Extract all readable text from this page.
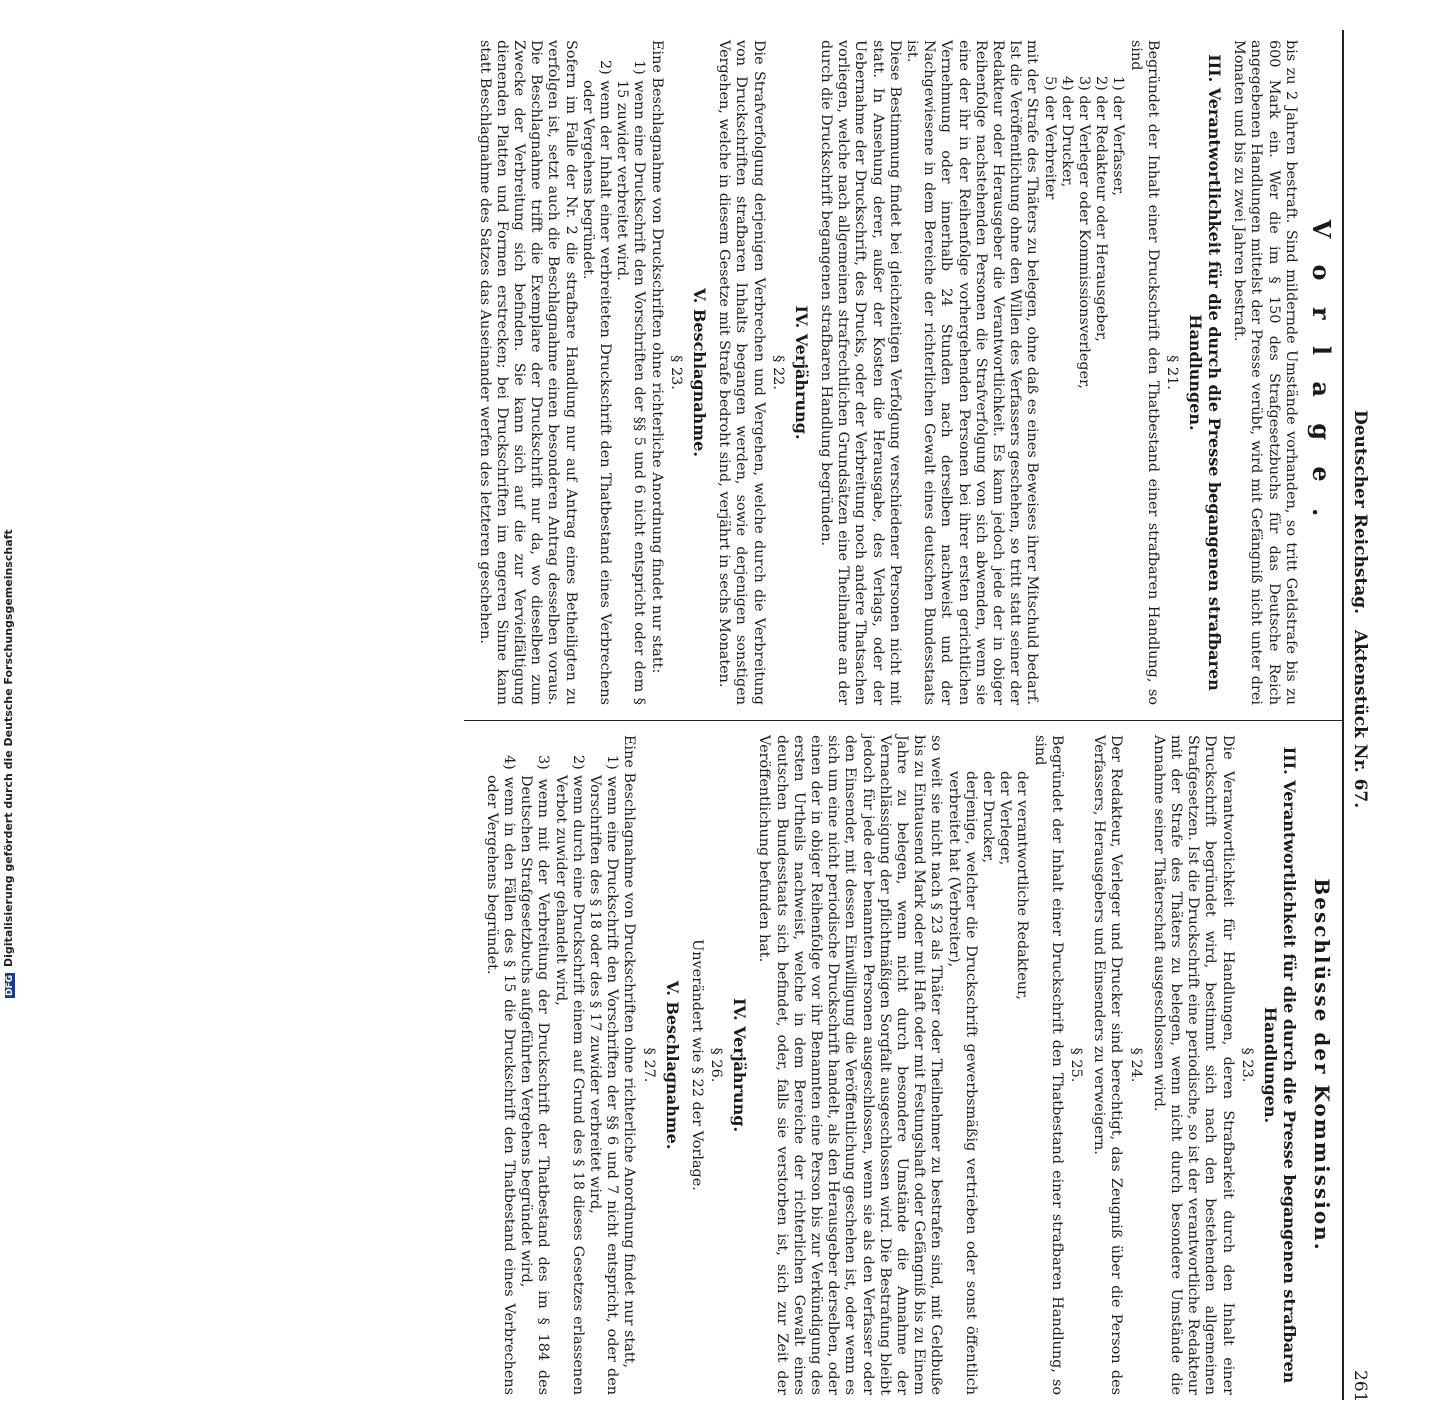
Deutscher Reichstag.
Aktenstück Nr. 67.
261
V o r l a g e .

bis zu 2 Jahren bestraft. Sind mildernde Umstände vorhanden, so tritt Geldstrafe bis zu 600 Mark ein. Wer die im § 150 des Strafgesetzbuchs für das Deutsche Reich angegebenen Handlungen mittelst der Presse verübt, wird mit Gefängniß nicht unter drei Monaten und bis zu zwei Jahren bestraft.

III. Verantwortlichkeit für die durch die Presse begangenen strafbaren Handlungen.
§ 21.

Begründet der Inhalt einer Druckschrift den Thatbestand einer strafbaren Handlung, so sind

1) der Verfasser,
2) der Redakteur oder Herausgeber,
3) der Verleger oder Kommissionsverleger,
4) der Drucker,
5) der Verbreiter

mit der Strafe des Thäters zu belegen, ohne daß es eines Beweises ihrer Mitschuld bedarf. Ist die Veröffentlichung ohne den Willen des Verfassers geschehen, so tritt statt seiner der Redakteur oder Herausgeber die Verantwortlichkeit. Es kann jedoch jede der in obiger Reihenfolge nachstehenden Personen die Strafverfolgung von sich abwenden, wenn sie eine der ihr in der Reihenfolge vorhergehenden Personen bei ihrer ersten gerichtlichen Vernehmung oder innerhalb 24 Stunden nach derselben nachweist und der Nachgewiesene in dem Bereiche der richterlichen Gewalt eines deutschen Bundesstaats ist.

Diese Bestimmung findet bei gleichzeitigen Verfolgung verschiedener Personen nicht mit statt. In Ansehung derer, außer der Kosten die Herausgabe, des Verlags, oder der Uebernahme der Druckschrift, des Drucks, oder der Verbreitung noch andere Thatsachen vorliegen, welche nach allgemeinen strafrechtlichen Grundsätzen eine Theilnahme an der durch die Druckschrift begangenen strafbaren Handlung begründen.

IV. Verjährung.
§ 22.

Die Strafverfolgung derjenigen Verbrechen und Vergehen, welche durch die Verbreitung von Druckschriften strafbaren Inhalts begangen werden, sowie derjenigen sonstigen Vergehen, welche in diesem Gesetze mit Strafe bedroht sind, verjährt in sechs Monaten.

V. Beschlagnahme.
§ 23.

Eine Beschlagnahme von Druckschriften ohne richterliche Anordnung findet nur statt:

1) wenn eine Druckschrift den Vorschriften der §§ 5 und 6 nicht entspricht oder dem § 15 zuwider verbreitet wird.

2) wenn der Inhalt einer verbreiteten Druckschrift den Thatbestand eines Verbrechens oder Vergehens begründet.

Sofern im Falle der Nr. 2 die strafbare Handlung nur auf Antrag eines Betheiligten zu verfolgen ist, setzt auch die Beschlagnahme einen besonderen Antrag desselben voraus. Die Beschlagnahme trifft die Exemplare der Druckschrift nur da, wo dieselben zum Zwecke der Verbreitung sich befinden. Sie kann sich auf die zur Vervielfältigung dienenden Platten und Formen erstrecken; bei Druckschriften im engeren Sinne kann statt Beschlagnahme des Satzes das Auseinander werfen des letzteren geschehen.

Beschlüsse der Kommission.
III. Verantwortlichkeit für die durch die Presse begangenen strafbaren Handlungen.
§ 23.

Die Verantwortlichkeit für Handlungen, deren Strafbarkeit durch den Inhalt einer Druckschrift begründet wird, bestimmt sich nach den bestehenden allgemeinen Strafgesetzen. Ist die Druckschrift eine periodische, so ist der verantwortliche Redakteur mit der Strafe des Thäters zu belegen, wenn nicht durch besondere Umstände die Annahme seiner Thäterschaft ausgeschlossen wird.

§ 24.

Der Redakteur, Verleger und Drucker sind berechtigt, das Zeugniß über die Person des Verfassers, Herausgebers und Einsenders zu verweigern.

§ 25.

Begründet der Inhalt einer Druckschrift den Thatbestand einer strafbaren Handlung, so sind

der verantwortliche Redakteur,
der Verleger,
der Drucker,
derjenige, welcher die Druckschrift gewerbsmäßig vertrieben oder sonst öffentlich verbreitet hat (Verbreiter),

so weit sie nicht nach § 23 als Thäter oder Theilnehmer zu bestrafen sind, mit Geldbuße bis zu Eintausend Mark oder mit Haft oder mit Festungshaft oder Gefängniß bis zu Einem Jahre zu belegen, wenn nicht durch besondere Umstände die Annahme der Vernachlässigung der pflichtmäßigen Sorgfalt ausgeschlossen wird. Die Bestrafung bleibt jedoch für jede der benannten Personen ausgeschlossen, wenn sie als den Verfasser oder den Einsender, mit dessen Einwilligung die Veröffentlichung geschehen ist, oder wenn es sich um eine nicht periodische Druckschrift handelt, als den Herausgeber derselben, oder einen der in obiger Reihenfolge vor ihr Benannten eine Person bis zur Verkündigung des ersten Urtheils nachweist, welche in dem Bereiche der richterlichen Gewalt eines deutschen Bundesstaats sich befindet, oder, falls sie verstorben ist, sich zur Zeit der Veröffentlichung befunden hat.

IV. Verjährung.
§ 26.

Unverändert wie § 22 der Vorlage.

V. Beschlagnahme.
§ 27.

Eine Beschlagnahme von Druckschriften ohne richterliche Anordnung findet nur statt,

1) wenn eine Druckschrift den Vorschriften der §§ 6 und 7 nicht entspricht, oder den Vorschriften des § 18 oder des § 17 zuwider verbreitet wird,

2) wenn durch eine Druckschrift einem auf Grund des § 18 dieses Gesetzes erlassenen Verbot zuwider gehandelt wird,

3) wenn mit der Verbreitung der Druckschrift der Thatbestand des im § 184 des Deutschen Strafgesetzbuchs aufgeführten Vergehens begründet wird,

4) wenn in den Fällen des § 15 die Druckschrift den Thatbestand eines Verbrechens oder Vergehens begründet.

DFGDigitalisierung gefördert durch die Deutsche Forschungsgemeinschaft
